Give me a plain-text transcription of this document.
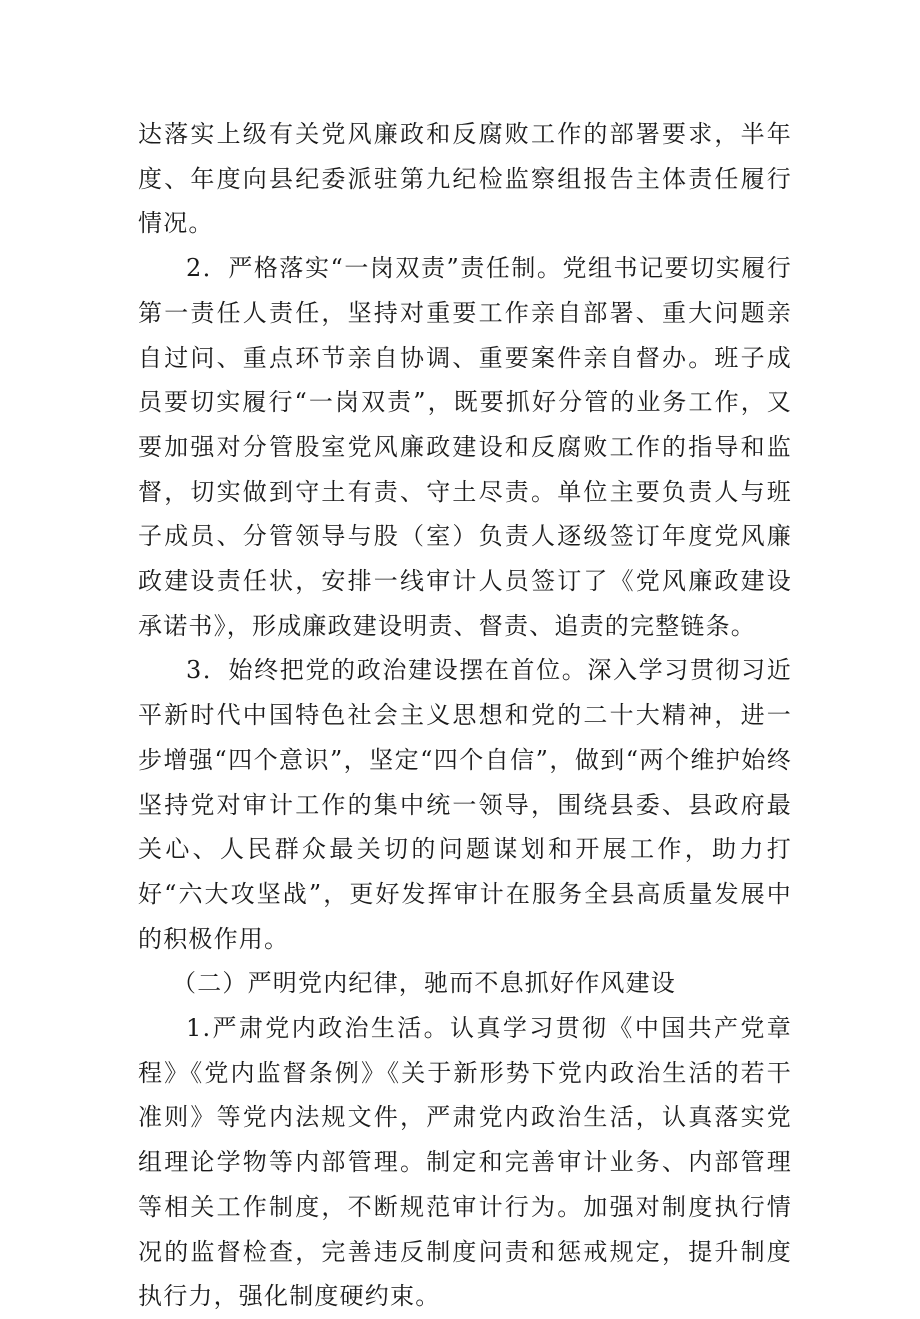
达落实上级有关党风廉政和反腐败工作的部署要求，半年度、年度向县纪委派驻第九纪检监察组报告主体责任履行情况。

2．严格落实“一岗双责”责任制。党组书记要切实履行第一责任人责任，坚持对重要工作亲自部署、重大问题亲自过问、重点环节亲自协调、重要案件亲自督办。班子成员要切实履行“一岗双责”，既要抓好分管的业务工作，又要加强对分管股室党风廉政建设和反腐败工作的指导和监督，切实做到守土有责、守土尽责。单位主要负责人与班子成员、分管领导与股（室）负责人逐级签订年度党风廉政建设责任状，安排一线审计人员签订了《党风廉政建设承诺书》，形成廉政建设明责、督责、追责的完整链条。

3．始终把党的政治建设摆在首位。深入学习贯彻习近平新时代中国特色社会主义思想和党的二十大精神，进一步增强“四个意识”，坚定“四个自信”，做到“两个维护始终坚持党对审计工作的集中统一领导，围绕县委、县政府最关心、人民群众最关切的问题谋划和开展工作，助力打好“六大攻坚战”，更好发挥审计在服务全县高质量发展中的积极作用。

（二）严明党内纪律，驰而不息抓好作风建设

1.严肃党内政治生活。认真学习贯彻《中国共产党章程》《党内监督条例》《关于新形势下党内政治生活的若干准则》等党内法规文件，严肃党内政治生活，认真落实党组理论学物等内部管理。制定和完善审计业务、内部管理等相关工作制度，不断规范审计行为。加强对制度执行情况的监督检查，完善违反制度问责和惩戒规定，提升制度执行力，强化制度硬约束。
